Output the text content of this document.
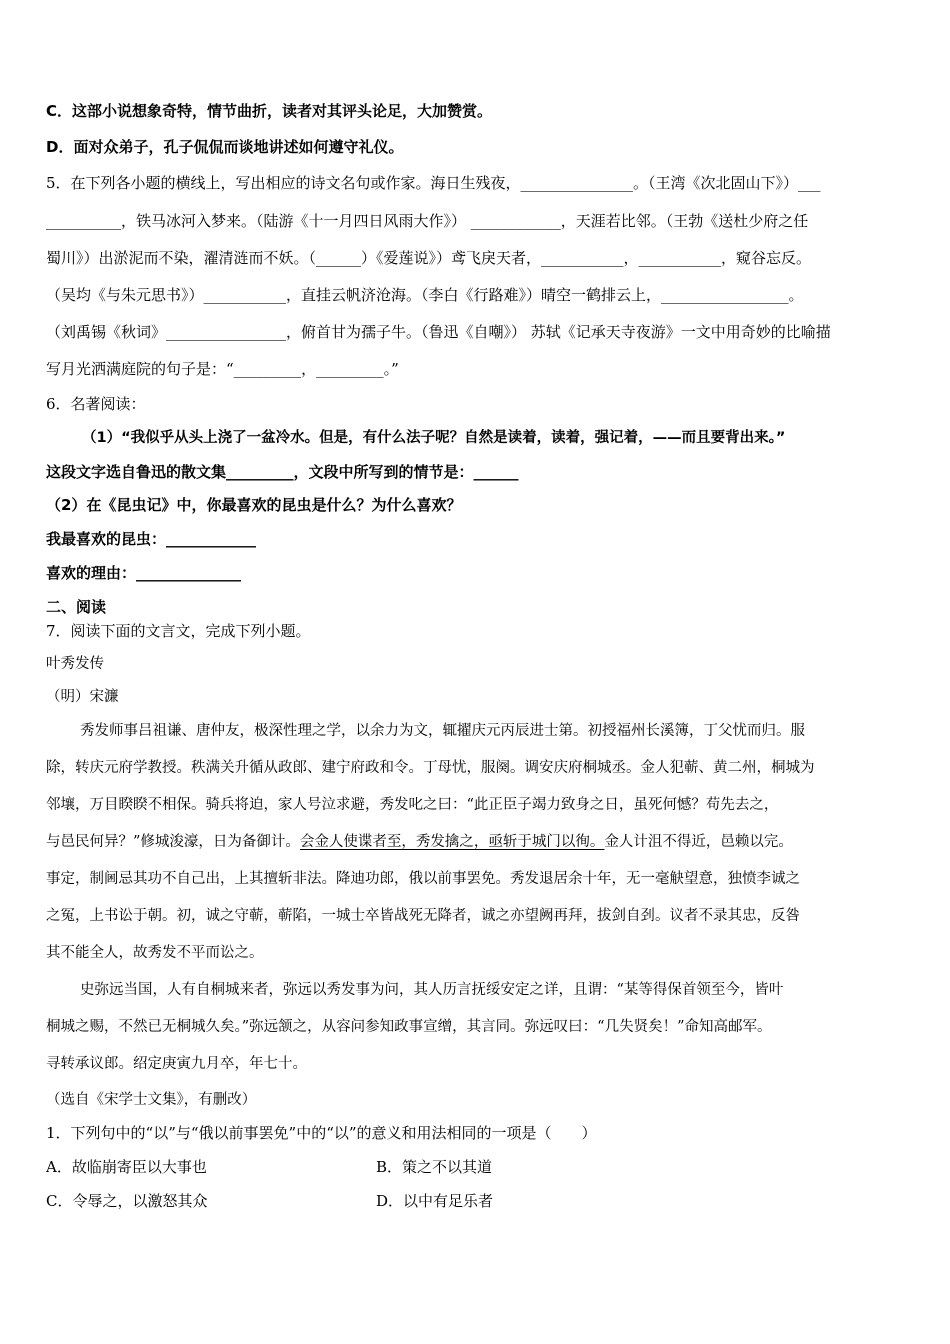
C．这部小说想象奇特，情节曲折，读者对其评头论足，大加赞赏。
D．面对众弟子，孔子侃侃而谈地讲述如何遵守礼仪。
5．在下列各小题的横线上，写出相应的诗文名句或作家。海日生残夜，_______________。（王湾《次北固山下》）___
__________，铁马冰河入梦来。（陆游《十一月四日风雨大作》） ____________，天涯若比邻。（王勃《送杜少府之任
蜀川》）出淤泥而不染，濯清涟而不妖。（______）《爱莲说》）鸢飞戾天者，___________，___________，窥谷忘反。
（吴均《与朱元思书》）___________，直挂云帆济沧海。（李白《行路难》）晴空一鹤排云上，_________________。
（刘禹锡《秋词》________________，俯首甘为孺子牛。（鲁迅《自嘲》） 苏轼《记承天寺夜游》一文中用奇妙的比喻描
写月光洒满庭院的句子是：“_________，_________。”
6．名著阅读：
（1）“我似乎从头上浇了一盆冷水。但是，有什么法子呢？自然是读着，读着，强记着，——而且要背出来。”
这段文字选自鲁迅的散文集_________，文段中所写到的情节是：______
（2）在《昆虫记》中，你最喜欢的昆虫是什么？为什么喜欢？
我最喜欢的昆虫：____________
喜欢的理由：______________
二、阅读
7．阅读下面的文言文，完成下列小题。
叶秀发传
（明）宋濂
秀发师事吕祖谦、唐仲友，极深性理之学，以余力为文，辄擢庆元丙辰进士第。初授福州长溪簿，丁父忧而归。服
除，转庆元府学教授。秩满关升循从政郎、建宁府政和令。丁母忧，服阕。调安庆府桐城丞。金人犯蕲、黄二州，桐城为
邻壤，万目睽睽不相保。骑兵将迫，家人号泣求避，秀发叱之曰：“此正臣子竭力致身之日，虽死何憾？苟先去之，
与邑民何异？”修城浚濠，日为备御计。会金人使谍者至，秀发擒之，亟斩于城门以徇。金人计沮不得近，邑赖以完。
事定，制阃忌其功不自己出，上其擅斩非法。降迪功郎，俄以前事罢免。秀发退居余十年，无一毫觖望意，独愤李诚之
之冤，上书讼于朝。初，诚之守蕲，蕲陷，一城士卒皆战死无降者，诚之亦望阙再拜，拔剑自刭。议者不录其忠，反咎
其不能全人，故秀发不平而讼之。
史弥远当国，人有自桐城来者，弥远以秀发事为问，其人历言抚绥安定之详，且谓：“某等得保首领至今，皆叶
桐城之赐，不然已无桐城久矣。”弥远颔之，从容问参知政事宣缯，其言同。弥远叹曰：“几失贤矣！”命知高邮军。
寻转承议郎。绍定庚寅九月卒，年七十。
（选自《宋学士文集》，有删改）
1．下列句中的“以”与“俄以前事罢免”中的“以”的意义和用法相同的一项是（　　）
A．故临崩寄臣以大事也	B．策之不以其道
C．令辱之，以激怒其众	D．以中有足乐者
